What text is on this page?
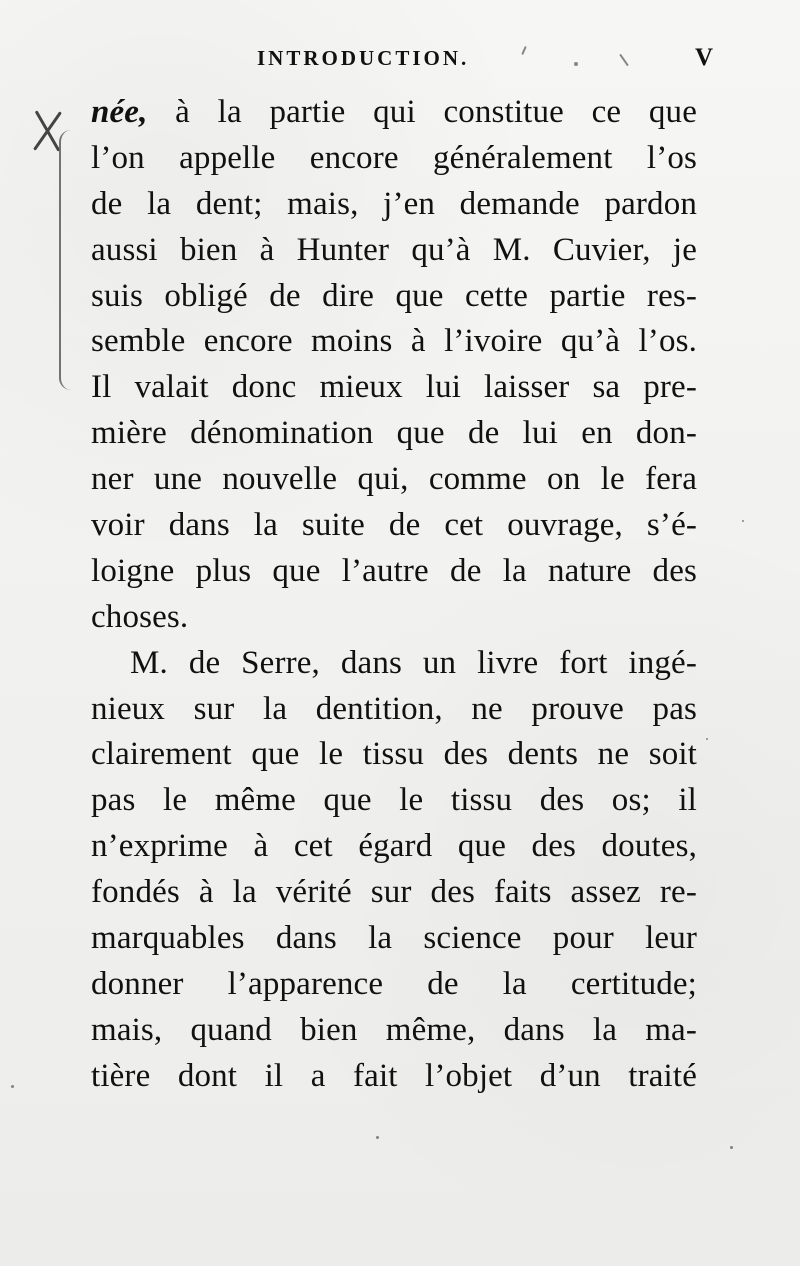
INTRODUCTION.	V
née, à la partie qui constitue ce que
l’on appelle encore généralement l’os
de la dent; mais, j’en demande pardon
aussi bien à Hunter qu’à M. Cuvier, je
suis obligé de dire que cette partie res-
semble encore moins à l’ivoire qu’à l’os.
Il valait donc mieux lui laisser sa pre-
mière dénomination que de lui en don-
ner une nouvelle qui, comme on le fera
voir dans la suite de cet ouvrage, s’é-
loigne plus que l’autre de la nature des
choses.
M. de Serre, dans un livre fort ingé-
nieux sur la dentition, ne prouve pas
clairement que le tissu des dents ne soit
pas le même que le tissu des os; il
n’exprime à cet égard que des doutes,
fondés à la vérité sur des faits assez re-
marquables dans la science pour leur
donner l’apparence de la certitude;
mais, quand bien même, dans la ma-
tière dont il a fait l’objet d’un traité
